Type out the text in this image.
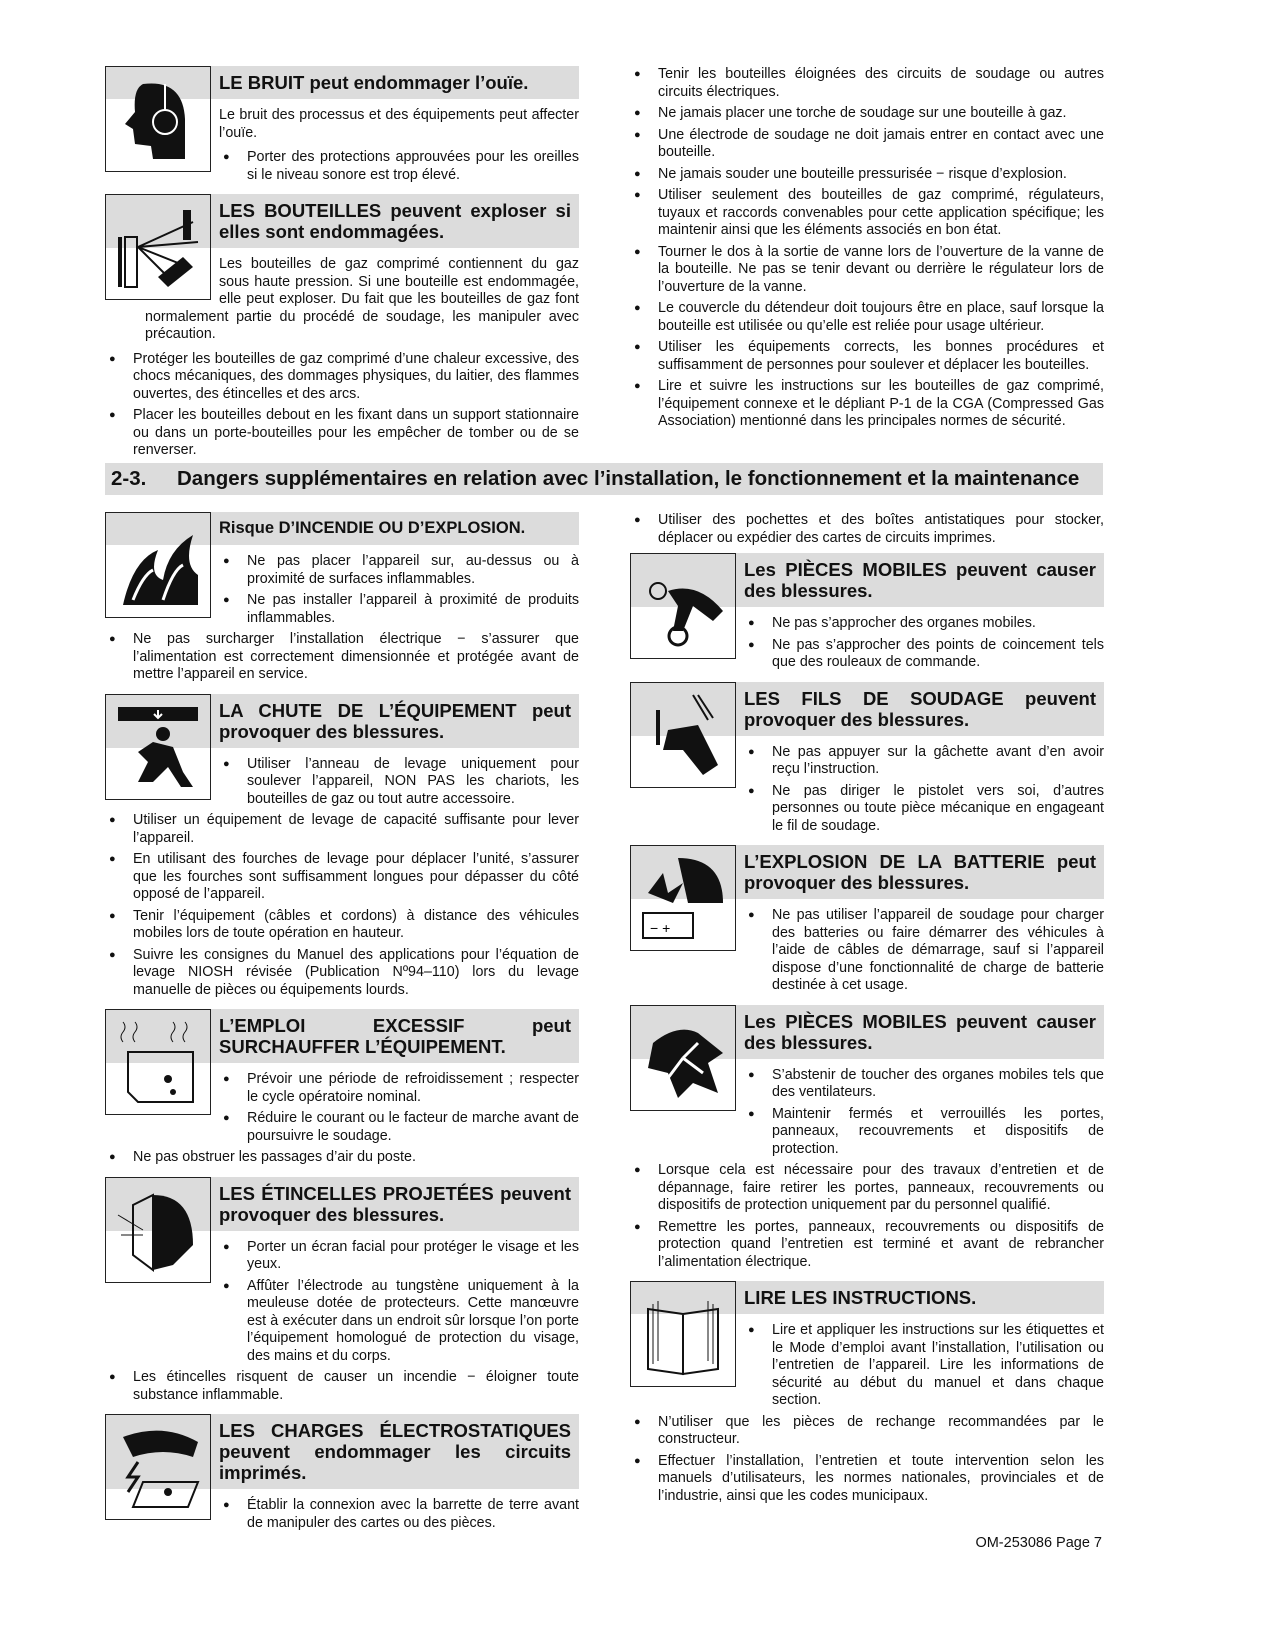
LE BRUIT peut endommager l’ouïe.
Le bruit des processus et des équipements peut affecter l’ouïe.
● Porter des protections approuvées pour les oreilles si le niveau sonore est trop élevé.
LES BOUTEILLES peuvent exploser si elles sont endommagées.
Les bouteilles de gaz comprimé contiennent du gaz sous haute pression. Si une bouteille est endommagée, elle peut exploser. Du fait que les bouteilles de gaz font normalement partie du procédé de soudage, les manipuler avec précaution.
● Protéger les bouteilles de gaz comprimé d’une chaleur excessive, des chocs mécaniques, des dommages physiques, du laitier, des flammes ouvertes, des étincelles et des arcs.
● Placer les bouteilles debout en les fixant dans un support stationnaire ou dans un porte-bouteilles pour les empêcher de tomber ou de se renverser.
● Tenir les bouteilles éloignées des circuits de soudage ou autres circuits électriques.
● Ne jamais placer une torche de soudage sur une bouteille à gaz.
● Une électrode de soudage ne doit jamais entrer en contact avec une bouteille.
● Ne jamais souder une bouteille pressurisée − risque d’explosion.
● Utiliser seulement des bouteilles de gaz comprimé, régulateurs, tuyaux et raccords convenables pour cette application spécifique; les maintenir ainsi que les éléments associés en bon état.
● Tourner le dos à la sortie de vanne lors de l’ouverture de la vanne de la bouteille. Ne pas se tenir devant ou derrière le régulateur lors de l’ouverture de la vanne.
● Le couvercle du détendeur doit toujours être en place, sauf lorsque la bouteille est utilisée ou qu’elle est reliée pour usage ultérieur.
● Utiliser les équipements corrects, les bonnes procédures et suffisamment de personnes pour soulever et déplacer les bouteilles.
● Lire et suivre les instructions sur les bouteilles de gaz comprimé, l’équipement connexe et le dépliant P-1 de la CGA (Compressed Gas Association) mentionné dans les principales normes de sécurité.
2-3. Dangers supplémentaires en relation avec l’installation, le fonctionnement et la maintenance
Risque D’INCENDIE OU D’EXPLOSION.
● Ne pas placer l’appareil sur, au-dessus ou à proximité de surfaces inflammables.
● Ne pas installer l’appareil à proximité de produits inflammables.
● Ne pas surcharger l’installation électrique − s’assurer que l’alimentation est correctement dimensionnée et protégée avant de mettre l’appareil en service.
LA CHUTE DE L’ÉQUIPEMENT peut provoquer des blessures.
● Utiliser l’anneau de levage uniquement pour soulever l’appareil, NON PAS les chariots, les bouteilles de gaz ou tout autre accessoire.
● Utiliser un équipement de levage de capacité suffisante pour lever l’appareil.
● En utilisant des fourches de levage pour déplacer l’unité, s’assurer que les fourches sont suffisamment longues pour dépasser du côté opposé de l’appareil.
● Tenir l’équipement (câbles et cordons) à distance des véhicules mobiles lors de toute opération en hauteur.
● Suivre les consignes du Manuel des applications pour l’équation de levage NIOSH révisée (Publication Nº94–110) lors du levage manuelle de pièces ou équipements lourds.
L’EMPLOI EXCESSIF peut SURCHAUFFER L’ÉQUIPEMENT.
● Prévoir une période de refroidissement ; respecter le cycle opératoire nominal.
● Réduire le courant ou le facteur de marche avant de poursuivre le soudage.
● Ne pas obstruer les passages d’air du poste.
LES ÉTINCELLES PROJETÉES peuvent provoquer des blessures.
● Porter un écran facial pour protéger le visage et les yeux.
● Affûter l’électrode au tungstène uniquement à la meuleuse dotée de protecteurs. Cette manœuvre est à exécuter dans un endroit sûr lorsque l’on porte l’équipement homologué de protection du visage, des mains et du corps.
● Les étincelles risquent de causer un incendie − éloigner toute substance inflammable.
LES CHARGES ÉLECTROSTATIQUES peuvent endommager les circuits imprimés.
● Établir la connexion avec la barrette de terre avant de manipuler des cartes ou des pièces.
● Utiliser des pochettes et des boîtes antistatiques pour stocker, déplacer ou expédier des cartes de circuits imprimes.
Les PIÈCES MOBILES peuvent causer des blessures.
● Ne pas s’approcher des organes mobiles.
● Ne pas s’approcher des points de coincement tels que des rouleaux de commande.
LES FILS DE SOUDAGE peuvent provoquer des blessures.
● Ne pas appuyer sur la gâchette avant d’en avoir reçu l’instruction.
● Ne pas diriger le pistolet vers soi, d’autres personnes ou toute pièce mécanique en engageant le fil de soudage.
− +
L’EXPLOSION DE LA BATTERIE peut provoquer des blessures.
● Ne pas utiliser l’appareil de soudage pour charger des batteries ou faire démarrer des véhicules à l’aide de câbles de démarrage, sauf si l’appareil dispose d’une fonctionnalité de charge de batterie destinée à cet usage.
Les PIÈCES MOBILES peuvent causer des blessures.
● S’abstenir de toucher des organes mobiles tels que des ventilateurs.
● Maintenir fermés et verrouillés les portes, panneaux, recouvrements et dispositifs de protection.
● Lorsque cela est nécessaire pour des travaux d’entretien et de dépannage, faire retirer les portes, panneaux, recouvrements ou dispositifs de protection uniquement par du personnel qualifié.
● Remettre les portes, panneaux, recouvrements ou dispositifs de protection quand l’entretien est terminé et avant de rebrancher l’alimentation électrique.
LIRE LES INSTRUCTIONS.
● Lire et appliquer les instructions sur les étiquettes et le Mode d’emploi avant l’installation, l’utilisation ou l’entretien de l’appareil. Lire les informations de sécurité au début du manuel et dans chaque section.
● N’utiliser que les pièces de rechange recommandées par le constructeur.
● Effectuer l’installation, l’entretien et toute intervention selon les manuels d’utilisateurs, les normes nationales, provinciales et de l’industrie, ainsi que les codes municipaux.
OM-253086 Page 7
